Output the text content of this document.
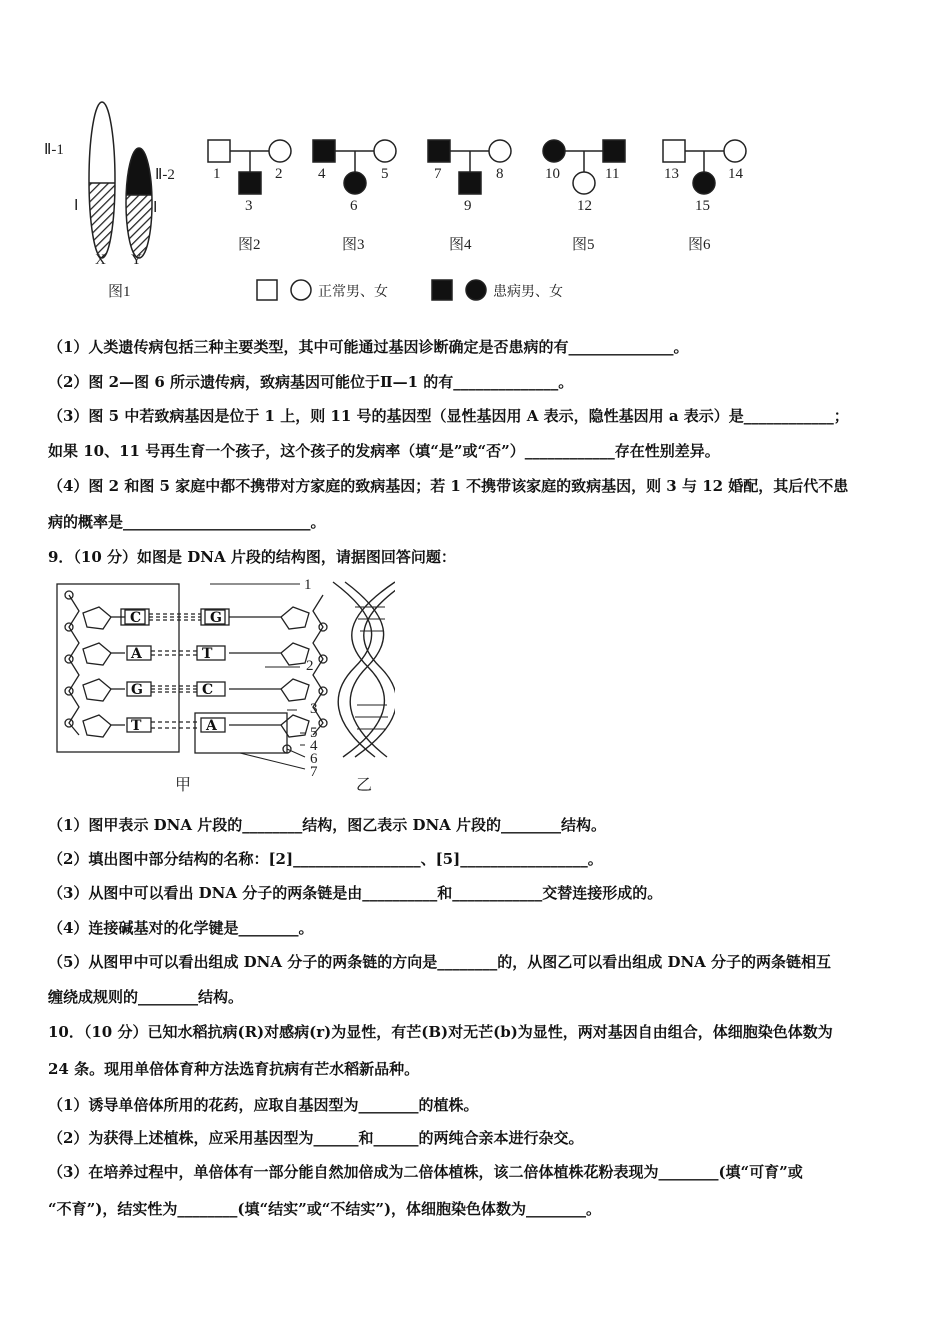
Ⅱ-1
Ⅰ
Ⅱ-2
Ⅰ
X Y
图1
1	2
3
图2
4	5
6
图3
7	8
9
图4
10	11
12
图5
13	14
15
图6
正常男、女	患病男、女
（1）人类遗传病包括三种主要类型，其中可能通过基因诊断确定是否患病的有______________。
（2）图 2—图 6 所示遗传病，致病基因可能位于Ⅱ—1 的有______________。
（3）图 5 中若致病基因是位于 1 上，则 11 号的基因型（显性基因用 A 表示，隐性基因用 a 表示）是____________；
如果 10、11 号再生育一个孩子，这个孩子的发病率（填“是”或“否”）____________存在性别差异。
（4）图 2 和图 5 家庭中都不携带对方家庭的致病基因；若 1 不携带该家庭的致病基因，则 3 与 12 婚配，其后代不患
病的概率是_________________________。
9．（10 分）如图是 DNA 片段的结构图，请据图回答问题：
C
A
G
T
G
T
C
A
1
2
3
5
4
6
7
甲	乙
（1）图甲表示 DNA 片段的________结构，图乙表示 DNA 片段的________结构。
（2）填出图中部分结构的名称：[2]_________________、[5]_________________。
（3）从图中可以看出 DNA 分子的两条链是由__________和____________交替连接形成的。
（4）连接碱基对的化学键是________。
（5）从图甲中可以看出组成 DNA 分子的两条链的方向是________的，从图乙可以看出组成 DNA 分子的两条链相互
缠绕成规则的________结构。
10．（10 分）已知水稻抗病(R)对感病(r)为显性，有芒(B)对无芒(b)为显性，两对基因自由组合，体细胞染色体数为
24 条。现用单倍体育种方法选育抗病有芒水稻新品种。
（1）诱导单倍体所用的花药，应取自基因型为________的植株。
（2）为获得上述植株，应采用基因型为______和______的两纯合亲本进行杂交。
（3）在培养过程中，单倍体有一部分能自然加倍成为二倍体植株，该二倍体植株花粉表现为________(填“可育”或
“不育”)，结实性为________(填“结实”或“不结实”)，体细胞染色体数为________。
